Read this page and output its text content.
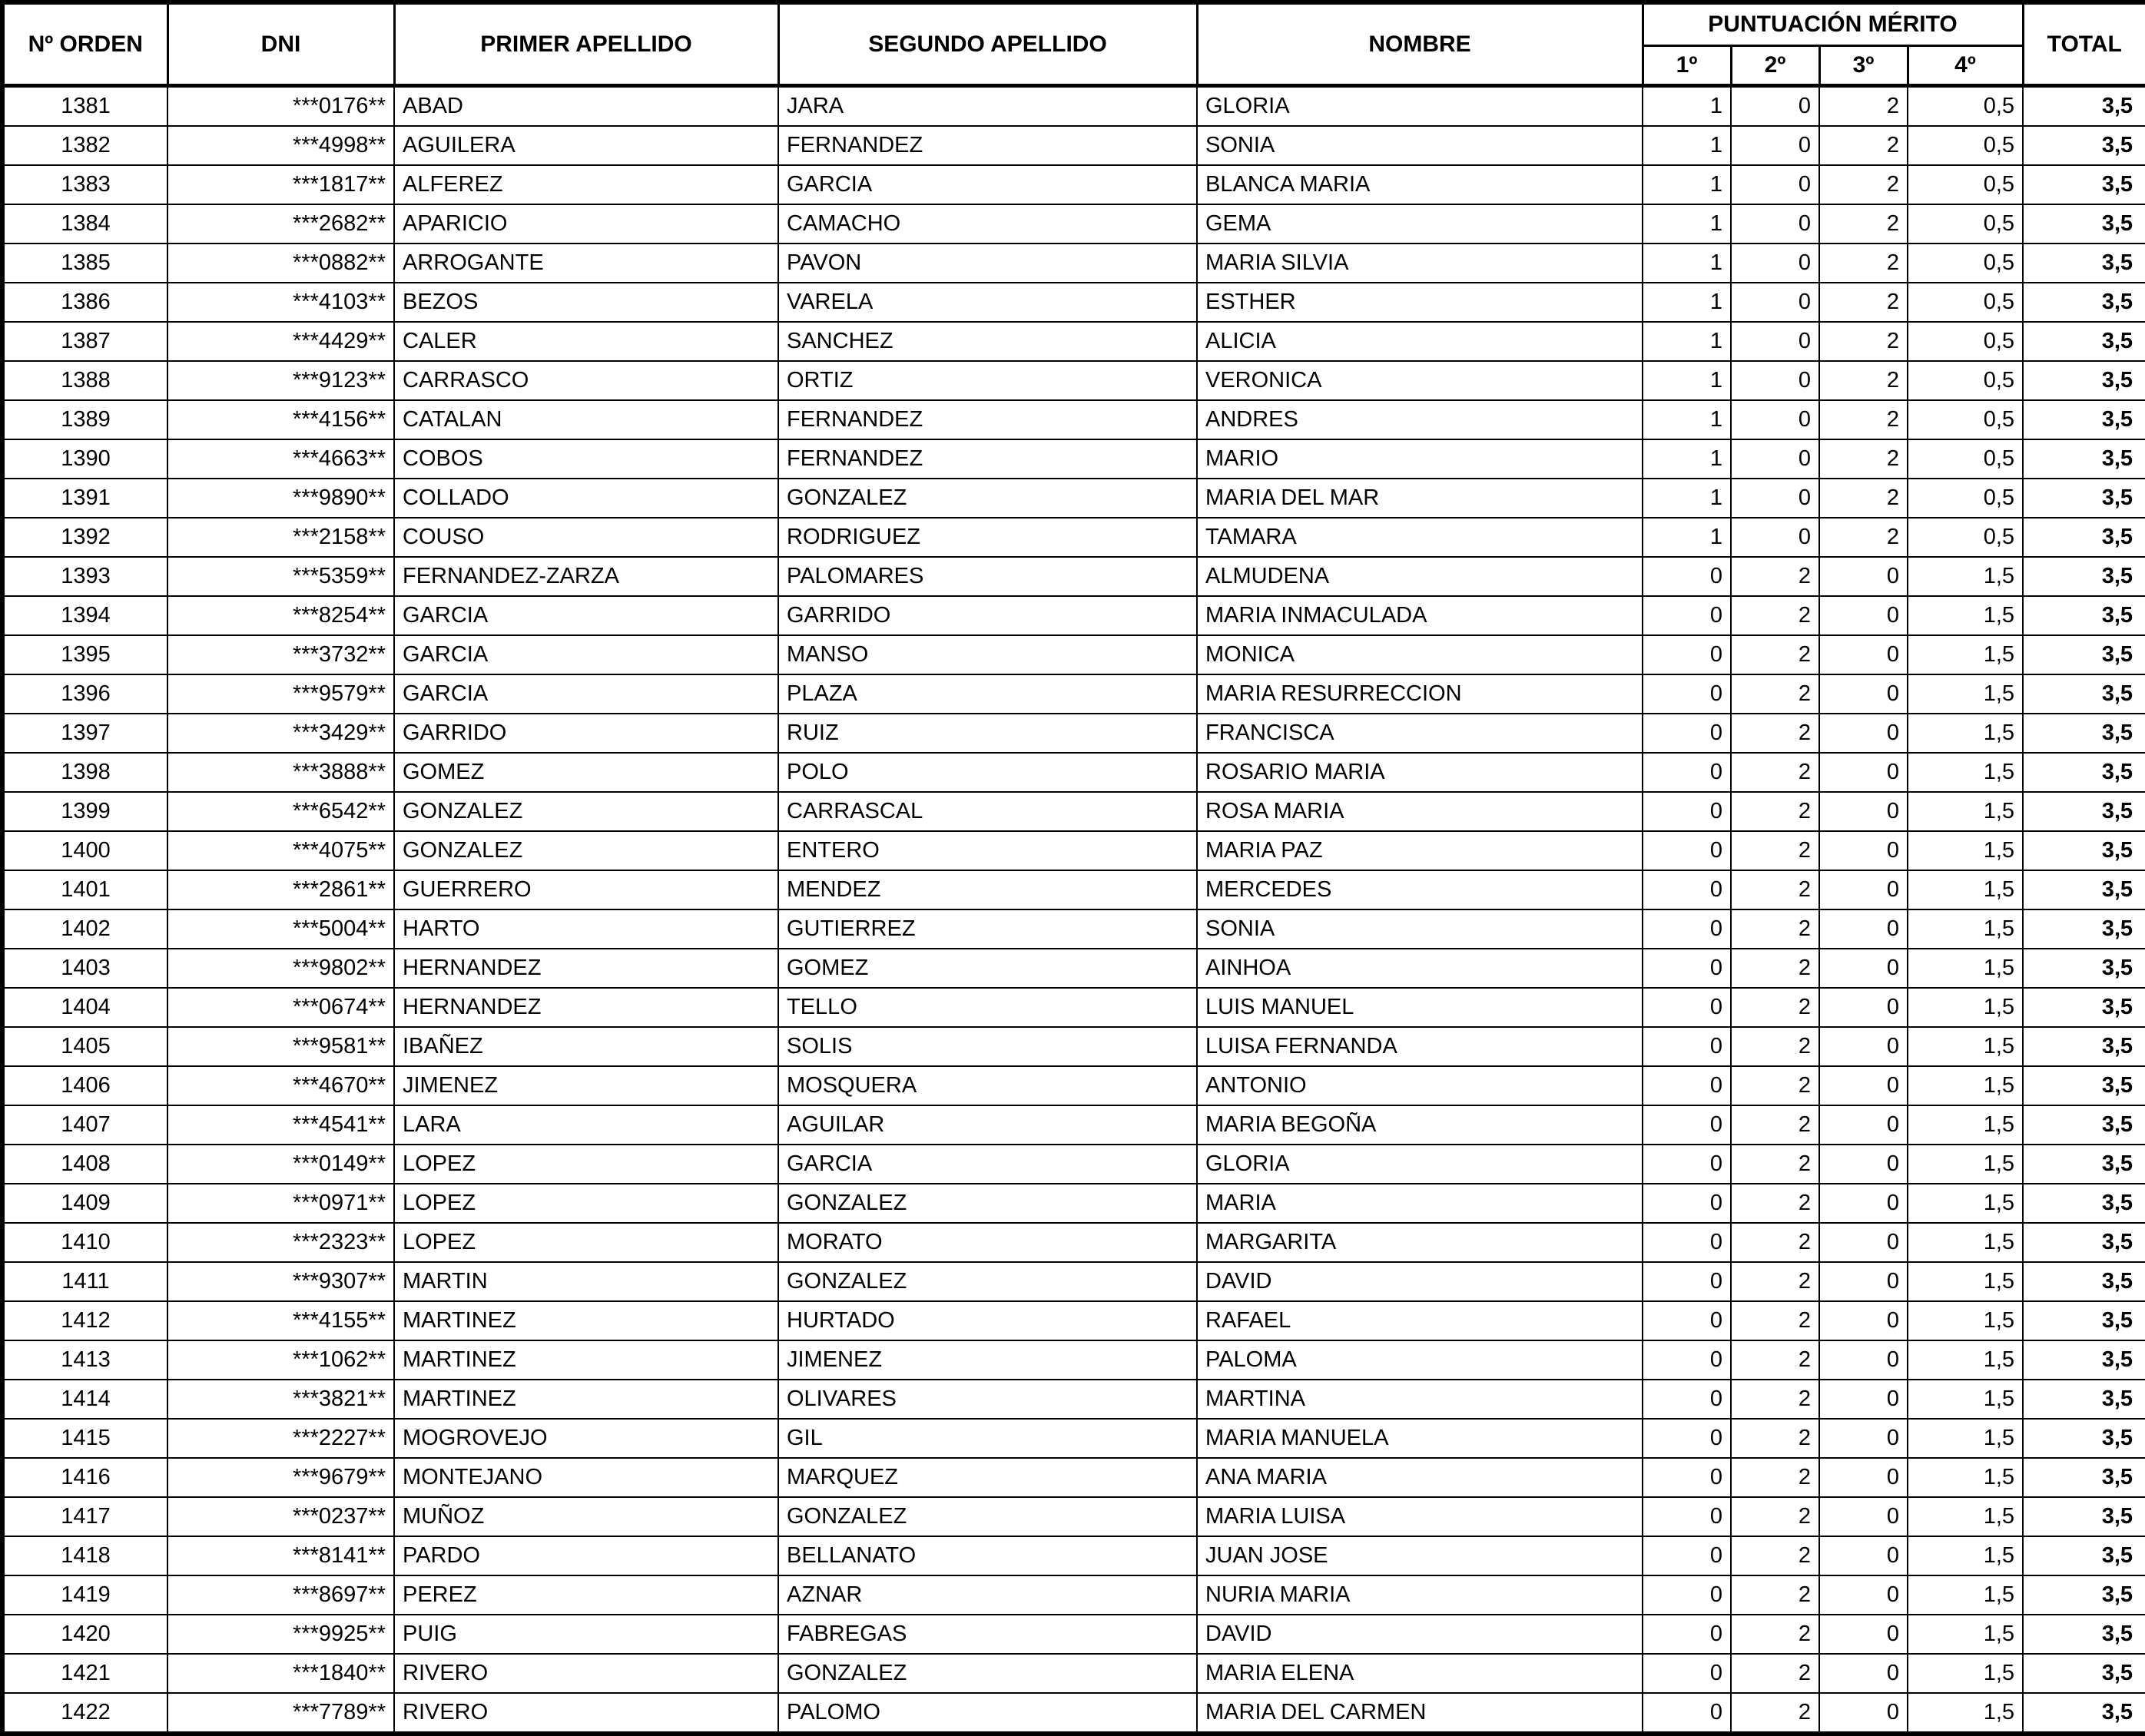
Nº ORDEN	DNI	PRIMER APELLIDO	SEGUNDO APELLIDO	NOMBRE	PUNTUACIÓN MÉRITO				TOTAL
					1º	2º	3º	4º	
1381	***0176**	ABAD	JARA	GLORIA	1	0	2	0,5	3,5
1382	***4998**	AGUILERA	FERNANDEZ	SONIA	1	0	2	0,5	3,5
1383	***1817**	ALFEREZ	GARCIA	BLANCA MARIA	1	0	2	0,5	3,5
1384	***2682**	APARICIO	CAMACHO	GEMA	1	0	2	0,5	3,5
1385	***0882**	ARROGANTE	PAVON	MARIA SILVIA	1	0	2	0,5	3,5
1386	***4103**	BEZOS	VARELA	ESTHER	1	0	2	0,5	3,5
1387	***4429**	CALER	SANCHEZ	ALICIA	1	0	2	0,5	3,5
1388	***9123**	CARRASCO	ORTIZ	VERONICA	1	0	2	0,5	3,5
1389	***4156**	CATALAN	FERNANDEZ	ANDRES	1	0	2	0,5	3,5
1390	***4663**	COBOS	FERNANDEZ	MARIO	1	0	2	0,5	3,5
1391	***9890**	COLLADO	GONZALEZ	MARIA DEL MAR	1	0	2	0,5	3,5
1392	***2158**	COUSO	RODRIGUEZ	TAMARA	1	0	2	0,5	3,5
1393	***5359**	FERNANDEZ-ZARZA	PALOMARES	ALMUDENA	0	2	0	1,5	3,5
1394	***8254**	GARCIA	GARRIDO	MARIA INMACULADA	0	2	0	1,5	3,5
1395	***3732**	GARCIA	MANSO	MONICA	0	2	0	1,5	3,5
1396	***9579**	GARCIA	PLAZA	MARIA RESURRECCION	0	2	0	1,5	3,5
1397	***3429**	GARRIDO	RUIZ	FRANCISCA	0	2	0	1,5	3,5
1398	***3888**	GOMEZ	POLO	ROSARIO MARIA	0	2	0	1,5	3,5
1399	***6542**	GONZALEZ	CARRASCAL	ROSA MARIA	0	2	0	1,5	3,5
1400	***4075**	GONZALEZ	ENTERO	MARIA PAZ	0	2	0	1,5	3,5
1401	***2861**	GUERRERO	MENDEZ	MERCEDES	0	2	0	1,5	3,5
1402	***5004**	HARTO	GUTIERREZ	SONIA	0	2	0	1,5	3,5
1403	***9802**	HERNANDEZ	GOMEZ	AINHOA	0	2	0	1,5	3,5
1404	***0674**	HERNANDEZ	TELLO	LUIS MANUEL	0	2	0	1,5	3,5
1405	***9581**	IBAÑEZ	SOLIS	LUISA FERNANDA	0	2	0	1,5	3,5
1406	***4670**	JIMENEZ	MOSQUERA	ANTONIO	0	2	0	1,5	3,5
1407	***4541**	LARA	AGUILAR	MARIA BEGOÑA	0	2	0	1,5	3,5
1408	***0149**	LOPEZ	GARCIA	GLORIA	0	2	0	1,5	3,5
1409	***0971**	LOPEZ	GONZALEZ	MARIA	0	2	0	1,5	3,5
1410	***2323**	LOPEZ	MORATO	MARGARITA	0	2	0	1,5	3,5
1411	***9307**	MARTIN	GONZALEZ	DAVID	0	2	0	1,5	3,5
1412	***4155**	MARTINEZ	HURTADO	RAFAEL	0	2	0	1,5	3,5
1413	***1062**	MARTINEZ	JIMENEZ	PALOMA	0	2	0	1,5	3,5
1414	***3821**	MARTINEZ	OLIVARES	MARTINA	0	2	0	1,5	3,5
1415	***2227**	MOGROVEJO	GIL	MARIA MANUELA	0	2	0	1,5	3,5
1416	***9679**	MONTEJANO	MARQUEZ	ANA MARIA	0	2	0	1,5	3,5
1417	***0237**	MUÑOZ	GONZALEZ	MARIA LUISA	0	2	0	1,5	3,5
1418	***8141**	PARDO	BELLANATO	JUAN JOSE	0	2	0	1,5	3,5
1419	***8697**	PEREZ	AZNAR	NURIA MARIA	0	2	0	1,5	3,5
1420	***9925**	PUIG	FABREGAS	DAVID	0	2	0	1,5	3,5
1421	***1840**	RIVERO	GONZALEZ	MARIA ELENA	0	2	0	1,5	3,5
1422	***7789**	RIVERO	PALOMO	MARIA DEL CARMEN	0	2	0	1,5	3,5
